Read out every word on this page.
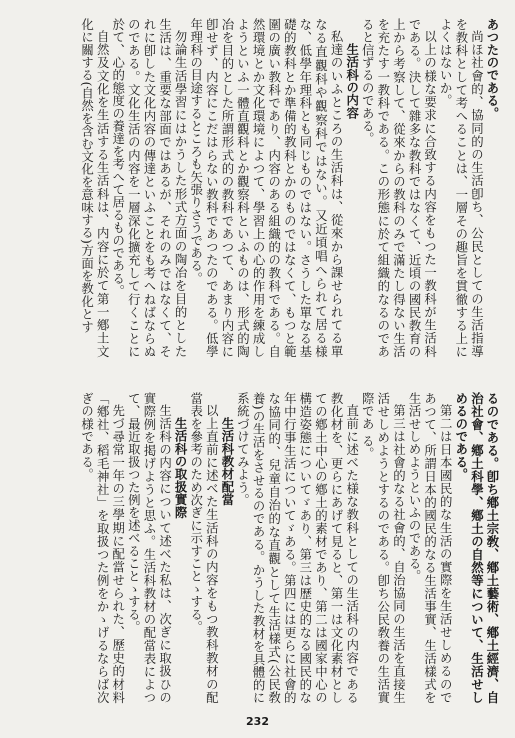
あつたのである。
尚ほ社會的、協同的の生活卽ち、公民としての生活指導を教科として考へることは、一層その趣旨を貫徹する上によくはないか。
以上の様な要求に合致する内容をもつた一教科が生活科である。決して雜多な教科ではなくて、近頃の國民教育の上から考察して、從來からの教科のみで滿たし得ない生活を充たす一教科である。この形態に於て組織的なるのであると信ずるのである。
生活科の内容
私達のいふところの生活科は、從來から課せられてる單なる直觀科や觀察科ではない。又近頃唱へられて居る様な、低學年理科とも同じものではない。さうした單なる基礎的教科とか準備的教科とかのものではなくて、もつと範圍の廣い教科であり、内容のある組織的の教科である。自然環境とか文化環境によつて、學習上の心的作用を練成しようといふ一體直觀科とか觀察科といふものは、形式的陶冶を目的とした所謂形式的の教科であつて、あまり内容に卽せず、内容にこだはらない教科であつたのである。低學年理科の目途するところも矢張りさうである。
勿論生活學習にはかうした形式方面の陶冶を目的とした生活は、重要な部面ではあるが、それのみではなくて、それに卽した文化内容の傳達といふことをも考へねばならぬのである。文化生活の内容を一層深化擴充して行くことに於て、心的態度の養達を考へて居るものである。
自然及文化を生活する生活科は、内容に於て第一鄕土文化に關する(自然を含む文化を意味する)方面を教化とす
るのである。卽ち鄕土宗敎、鄕土藝術、鄕土經濟、自治社會、鄕土科學、鄕土の自然等について、生活せしめるのである。
第二は日本國民的な生活の實際を生活せしめるのであつて、所謂日本的國民的なる生活事實、生活樣式を生活せしめようといふのである。
第三は社會的なる社會的、自治協同の生活を直接生活せしめようとするのである。卽ち公民敎養の生活實際であ る。
直前に述べた様な教科としての生活科の内容である教化材を、更らにあげて見ると、第一は文化素材としての鄕土中心の鄕土的素材であり、第二は國家中心の構造姿態についてゞあり、第三は歷史的なる國民的な年中行事生活についてゞある。第四には更らに社會的な協同的、兒童自治的な直觀として生活樣式(公民敎養)の生活をさせるのである。かうした教材を具體的に系統づけてみよう。
生活科教材配當
以上直前に述べた生活科の内容をもつ教科教材の配當表を參考のため次ぎに示すことゝする。
生活科の取扱實際
生活科の内容について述べた私は、次ぎに取扱ひの實際例を掲げようと思ふ。生活科教材の配當表によつて、最近取扱つた例を述べることゝする。
先づ尋常一年の三學期に配當せられた、歷史的材料「鄕社、稻毛神社」を取扱つた例をかゝげるならば次ぎの様である。
232
